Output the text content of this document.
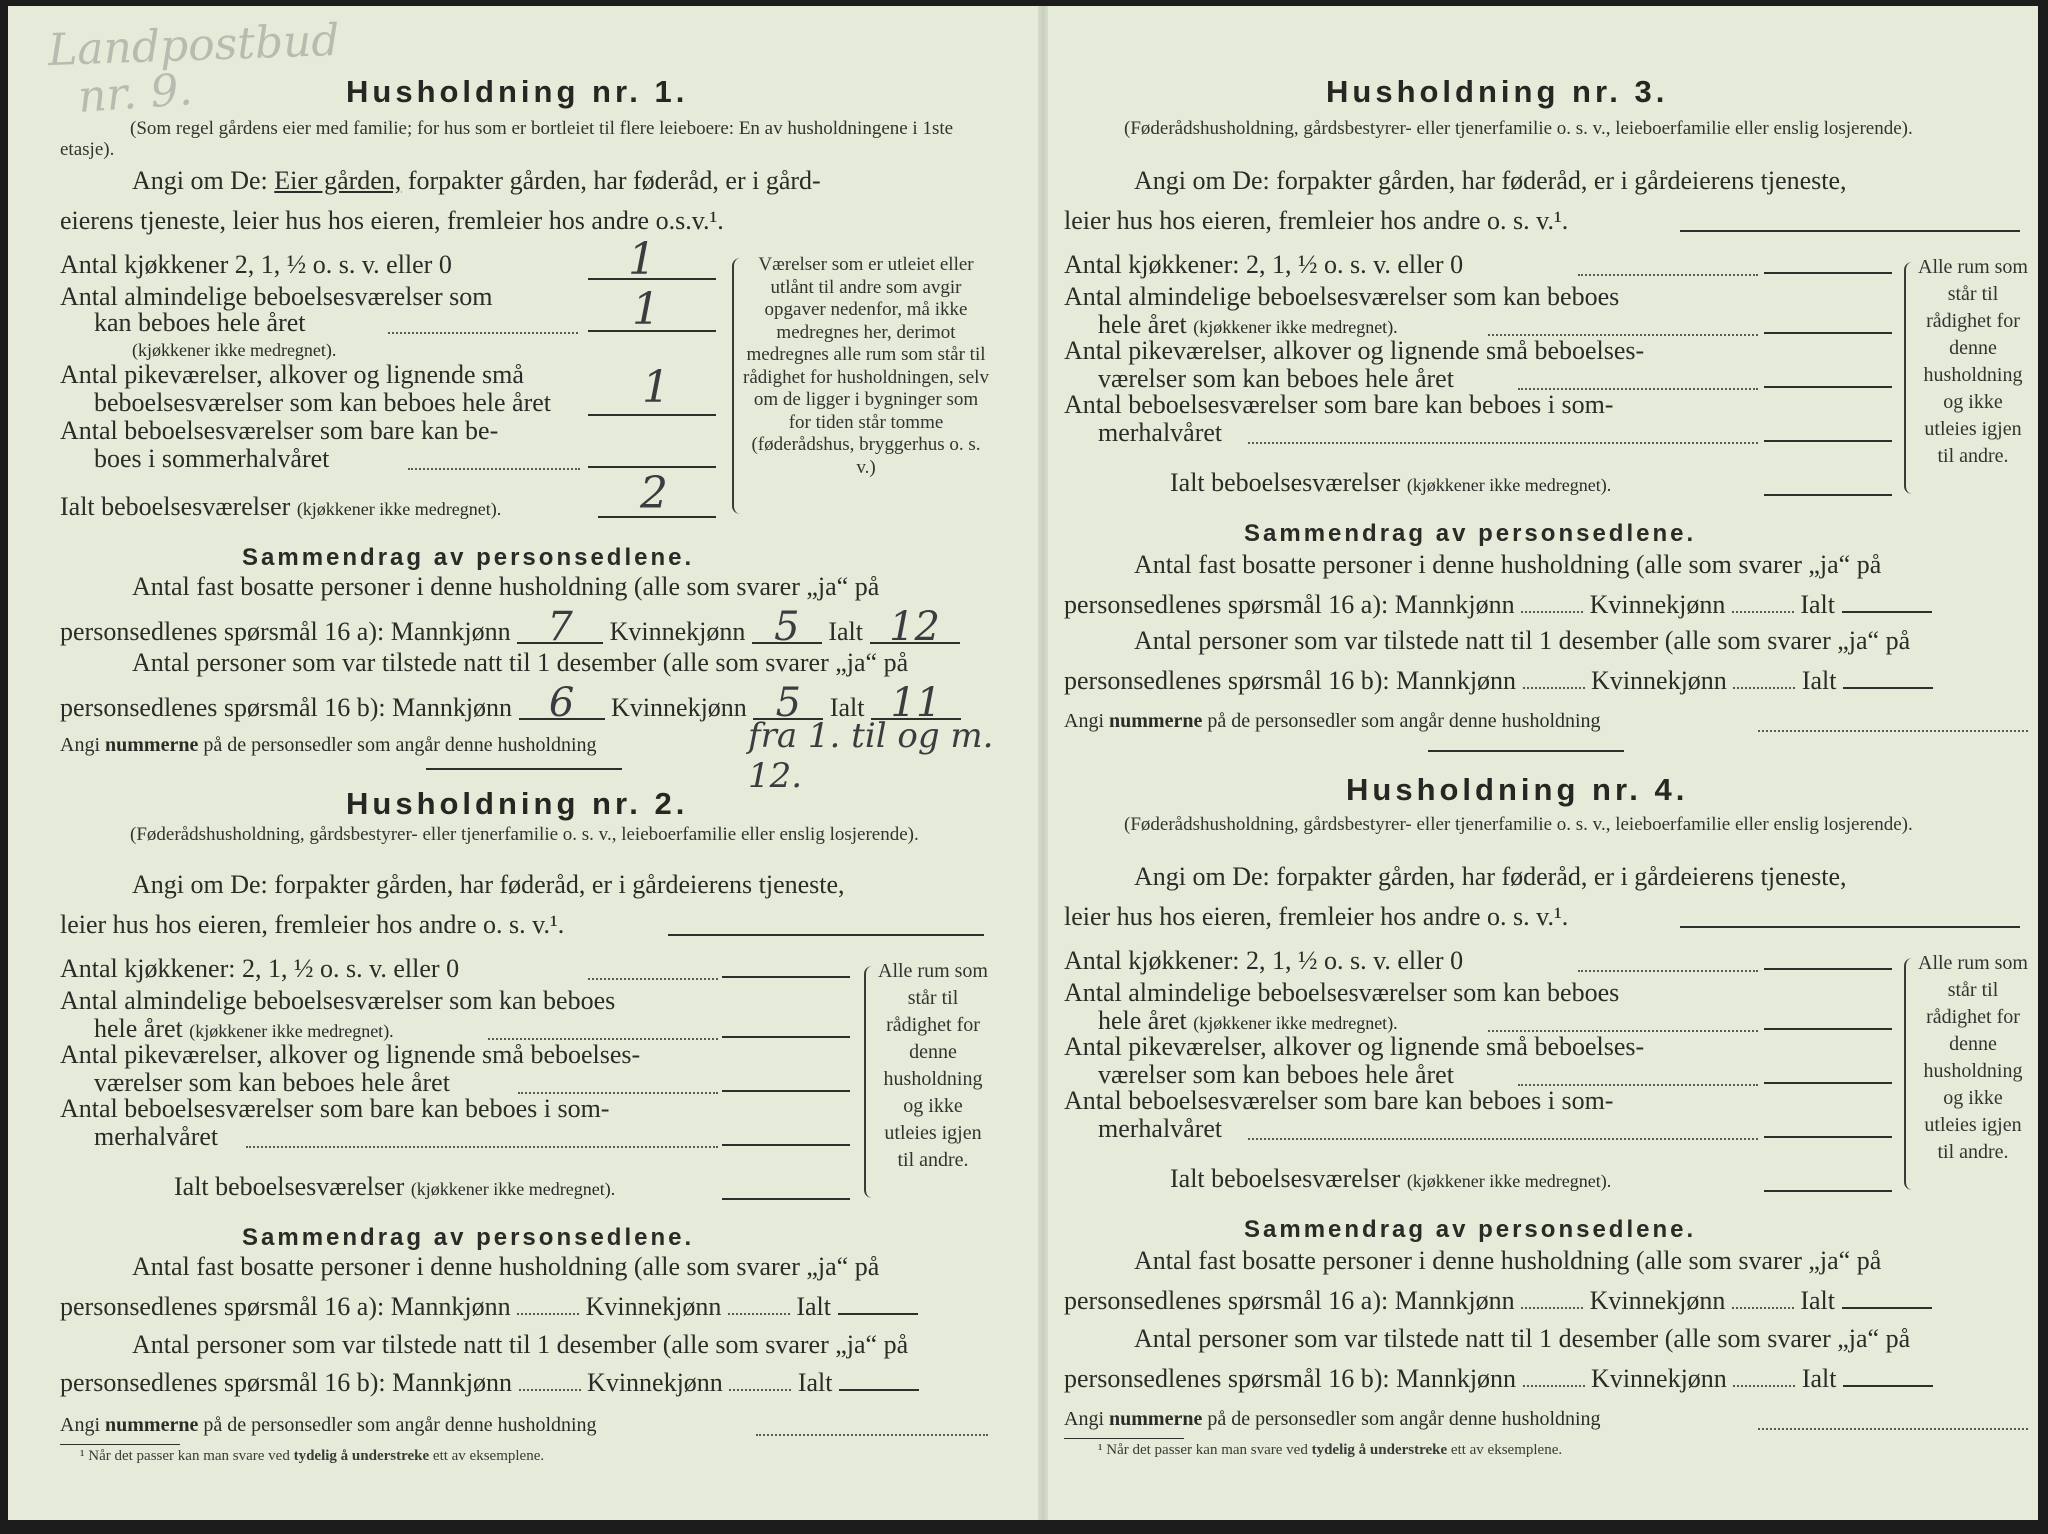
Landpostbud
nr. 9.	Husholdning nr. 1.
(Som regel gårdens eier med familie; for hus som er bortleiet til flere leieboere: En av husholdningene i 1ste etasje).
Angi om De: Eier gården, forpakter gården, har føderåd, er i gård-
eierens tjeneste, leier hus hos eieren, fremleier hos andre o.s.v.¹.
Antal kjøkkener 2, 1, ½ o. s. v. eller 0	1
Antal almindelige beboelsesværelser som
kan beboes hele året	1
(kjøkkener ikke medregnet).
Antal pikeværelser, alkover og lignende små
beboelsesværelser som kan beboes hele året 1
Antal beboelsesværelser som bare kan be-
boes i sommerhalvåret
Ialt beboelsesværelser (kjøkkener ikke medregnet).	2
Værelser som er utleiet eller utlånt til andre som avgir opgaver nedenfor, må ikke medregnes her, derimot medregnes alle rum som står til rådighet for husholdningen, selv om de ligger i bygninger som for tiden står tomme (føderådshus, bryggerhus o. s. v.)
Sammendrag av personsedlene.
Antal fast bosatte personer i denne husholdning (alle som svarer „ja“ på
personsedlenes spørsmål 16 a): Mannkjønn 7 Kvinnekjønn 5 Ialt 12
Antal personer som var tilstede natt til 1 desember (alle som svarer „ja“ på
personsedlenes spørsmål 16 b): Mannkjønn 6 Kvinnekjønn 5 Ialt 11
Angi nummerne på de personsedler som angår denne husholdning	fra 1. til og m. 12.
Husholdning nr. 2.
(Føderådshusholdning, gårdsbestyrer- eller tjenerfamilie o. s. v., leieboerfamilie eller enslig losjerende).
Angi om De: forpakter gården, har føderåd, er i gårdeierens tjeneste,
leier hus hos eieren, fremleier hos andre o. s. v.¹.
Antal kjøkkener: 2, 1, ½ o. s. v. eller 0
Antal almindelige beboelsesværelser som kan beboes
hele året (kjøkkener ikke medregnet).
Antal pikeværelser, alkover og lignende små beboelses-
værelser som kan beboes hele året
Antal beboelsesværelser som bare kan beboes i som-
merhalvåret
Ialt beboelsesværelser (kjøkkener ikke medregnet).
Alle rum som står til rådighet for denne husholdning og ikke utleies igjen til andre.
Sammendrag av personsedlene.
Antal fast bosatte personer i denne husholdning (alle som svarer „ja“ på
personsedlenes spørsmål 16 a): Mannkjønn	Kvinnekjønn	Ialt
Antal personer som var tilstede natt til 1 desember (alle som svarer „ja“ på
personsedlenes spørsmål 16 b): Mannkjønn	Kvinnekjønn	Ialt
Angi nummerne på de personsedler som angår denne husholdning
¹ Når det passer kan man svare ved tydelig å understreke ett av eksemplene.
Husholdning nr. 3.
(Føderådshusholdning, gårdsbestyrer- eller tjenerfamilie o. s. v., leieboerfamilie eller enslig losjerende).
Angi om De: forpakter gården, har føderåd, er i gårdeierens tjeneste,
leier hus hos eieren, fremleier hos andre o. s. v.¹.
Antal kjøkkener: 2, 1, ½ o. s. v. eller 0
Antal almindelige beboelsesværelser som kan beboes
hele året (kjøkkener ikke medregnet).
Antal pikeværelser, alkover og lignende små beboelses-
værelser som kan beboes hele året
Antal beboelsesværelser som bare kan beboes i som-
merhalvåret
Ialt beboelsesværelser (kjøkkener ikke medregnet).
Alle rum som står til rådighet for denne husholdning og ikke utleies igjen til andre.
Sammendrag av personsedlene.
Antal fast bosatte personer i denne husholdning (alle som svarer „ja“ på
personsedlenes spørsmål 16 a): Mannkjønn	Kvinnekjønn	Ialt
Antal personer som var tilstede natt til 1 desember (alle som svarer „ja“ på
personsedlenes spørsmål 16 b): Mannkjønn	Kvinnekjønn	Ialt
Angi nummerne på de personsedler som angår denne husholdning
Husholdning nr. 4.
(Føderådshusholdning, gårdsbestyrer- eller tjenerfamilie o. s. v., leieboerfamilie eller enslig losjerende).
Angi om De: forpakter gården, har føderåd, er i gårdeierens tjeneste,
leier hus hos eieren, fremleier hos andre o. s. v.¹.
Antal kjøkkener: 2, 1, ½ o. s. v. eller 0
Antal almindelige beboelsesværelser som kan beboes
hele året (kjøkkener ikke medregnet).
Antal pikeværelser, alkover og lignende små beboelses-
værelser som kan beboes hele året
Antal beboelsesværelser som bare kan beboes i som-
merhalvåret
Ialt beboelsesværelser (kjøkkener ikke medregnet).
Alle rum som står til rådighet for denne husholdning og ikke utleies igjen til andre.
Sammendrag av personsedlene.
Antal fast bosatte personer i denne husholdning (alle som svarer „ja“ på
personsedlenes spørsmål 16 a): Mannkjønn	Kvinnekjønn	Ialt
Antal personer som var tilstede natt til 1 desember (alle som svarer „ja“ på
personsedlenes spørsmål 16 b): Mannkjønn	Kvinnekjønn	Ialt
Angi nummerne på de personsedler som angår denne husholdning
¹ Når det passer kan man svare ved tydelig å understreke ett av eksemplene.
